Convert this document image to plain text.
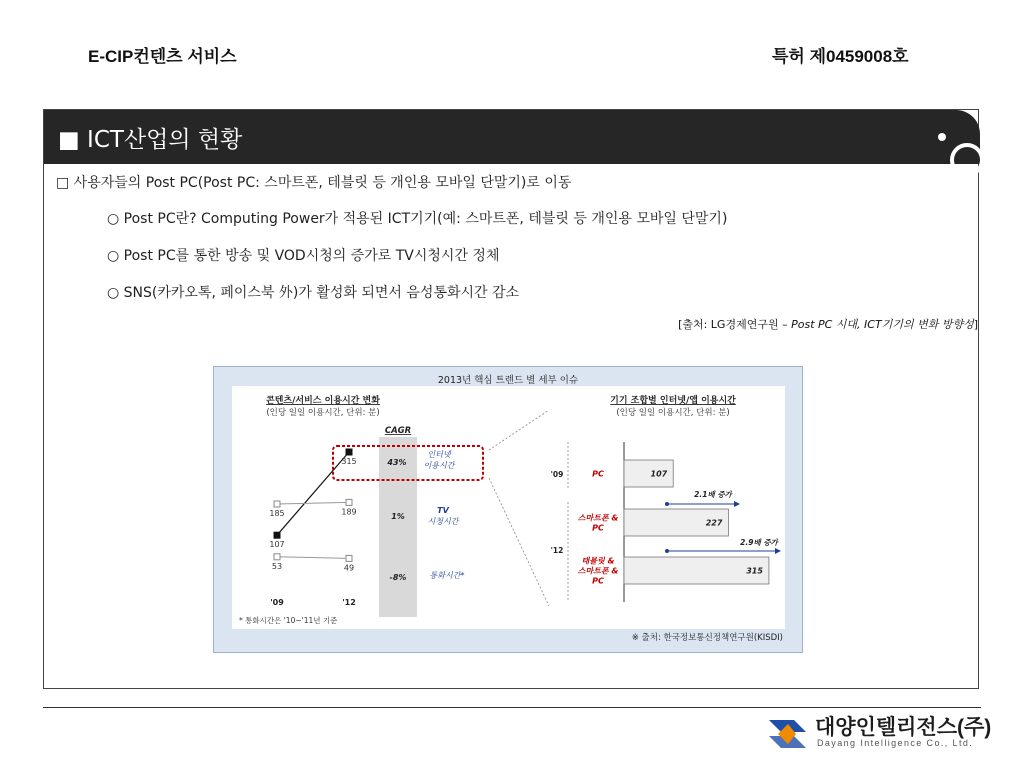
E-CIP컨텐츠 서비스	특허 제0459008호
■ ICT산업의 현황
□ 사용자들의 Post PC(Post PC: 스마트폰, 테블릿 등 개인용 모바일 단말기)로 이동
○ Post PC란? Computing Power가 적용된 ICT기기(예: 스마트폰, 테블릿 등 개인용 모바일 단말기)
○ Post PC를 통한 방송 및 VOD시청의 증가로 TV시청시간 정체
○ SNS(카카오톡, 페이스북 外)가 활성화 되면서 음성통화시간 감소
[출처: LG경제연구원 – Post PC 시대, ICT기기의 변화 방향성]
2013년 핵심 트렌드 별 세부 이슈
콘텐츠/서비스 이용시간 변화
(인당 일일 이용시간, 단위: 분)
CAGR
107
315
185	189
53	49
43%
1%
-8%
인터넷
이용시간
TV
시청시간
통화시간*
'09	'12
* 통화시간은 '10~'11년 기준
기기 조합별 인터넷/앱 이용시간
(인당 일일 이용시간, 단위: 분)
'09
'12
107
PC
227
스마트폰 &
PC
315
태블릿 &
스마트폰 &
PC
2.1배 증가
2.9배 증가
※ 출처: 한국정보통신정책연구원(KISDI)
대양인텔리전스(주)
Dayang Intelligence Co., Ltd.
